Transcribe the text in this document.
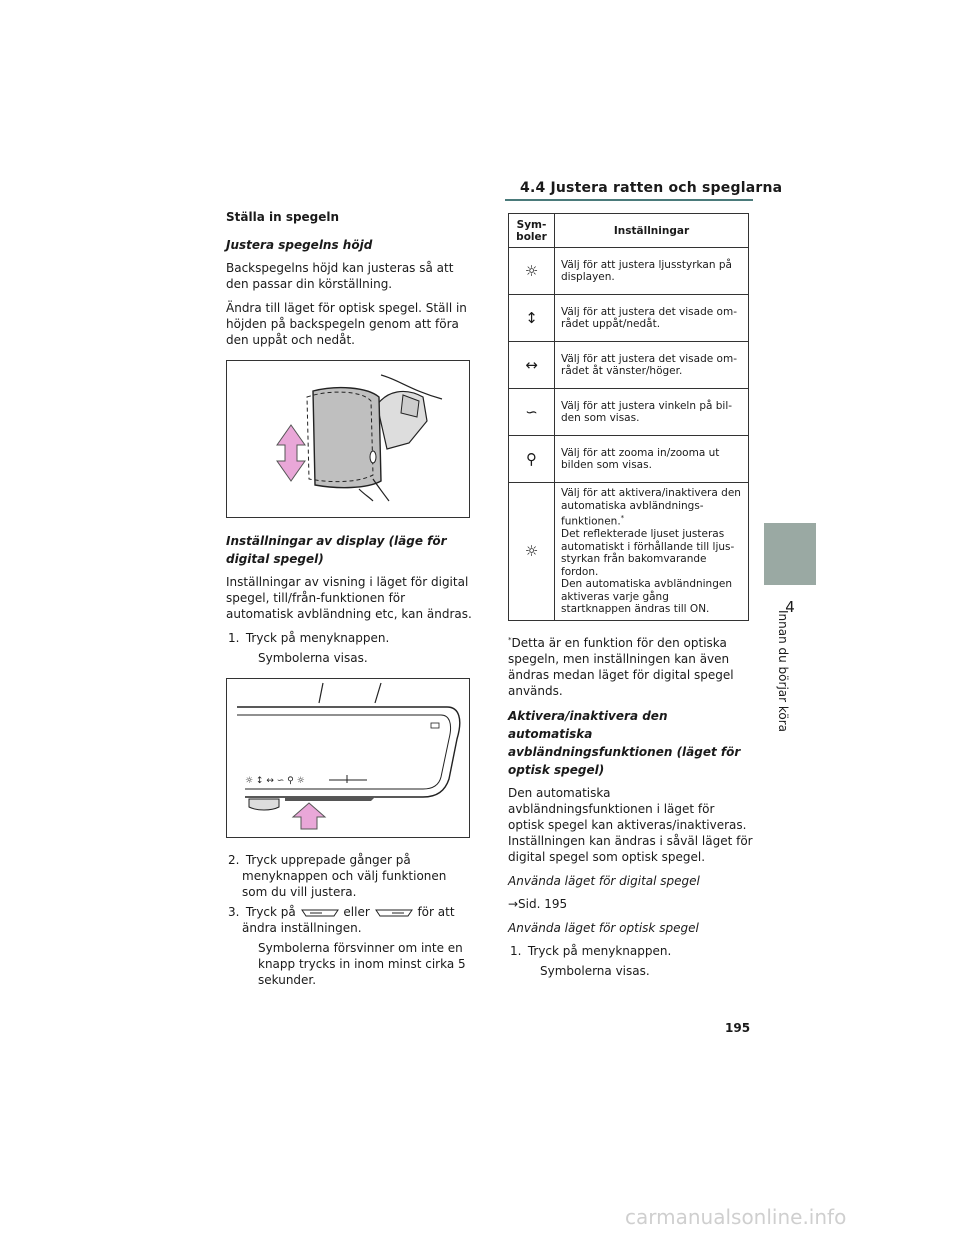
4.4 Justera ratten och speglarna
4
Innan du börjar köra
Ställa in spegeln
Justera spegelns höjd

Backspegelns höjd kan justeras så att den passar din körställning.

Ändra till läget för optisk spegel. Ställ in höjden på backspegeln genom att föra den uppåt och nedåt.

Inställningar av display (läge för digital spegel)

Inställningar av visning i läget för digital spegel, till/från-funktionen för automatisk avbländning etc, kan ändras.

1. Tryck på menyknappen.

Symbolerna visas.

☼ ↕ ↔ ∽ ⚲ ☼

2. Tryck upprepade gånger på menyknappen och välj funktionen som du vill justera.

3. Tryck på	eller	för att ändra inställningen.

Symbolerna försvinner om inte en knapp trycks in inom minst cirka 5 sekunder.

Sym-
boler	Inställningar
☼	Välj för att justera ljusstyrkan på displayen.
↕	Välj för att justera det visade om-rådet uppåt/nedåt.
↔	Välj för att justera det visade om-rådet åt vänster/höger.
∽	Välj för att justera vinkeln på bil-den som visas.
⚲	Välj för att zooma in/zooma ut bilden som visas.
☼	Välj för att aktivera/inaktivera den automatiska avbländnings-funktionen.*
Det reflekterade ljuset justeras automatiskt i förhållande till ljus-styrkan från bakomvarande fordon.
Den automatiska avbländningen aktiveras varje gång startknappen ändras till ON.

*Detta är en funktion för den optiska spegeln, men inställningen kan även ändras medan läget för digital spegel används.

Aktivera/inaktivera den automatiska avbländningsfunktionen (läget för optisk spegel)

Den automatiska avbländningsfunktionen i läget för optisk spegel kan aktiveras/inaktiveras. Inställningen kan ändras i såväl läget för digital spegel som optisk spegel.

Använda läget för digital spegel

→Sid. 195

Använda läget för optisk spegel

1. Tryck på menyknappen.

Symbolerna visas.

195
carmanualsonline.info
